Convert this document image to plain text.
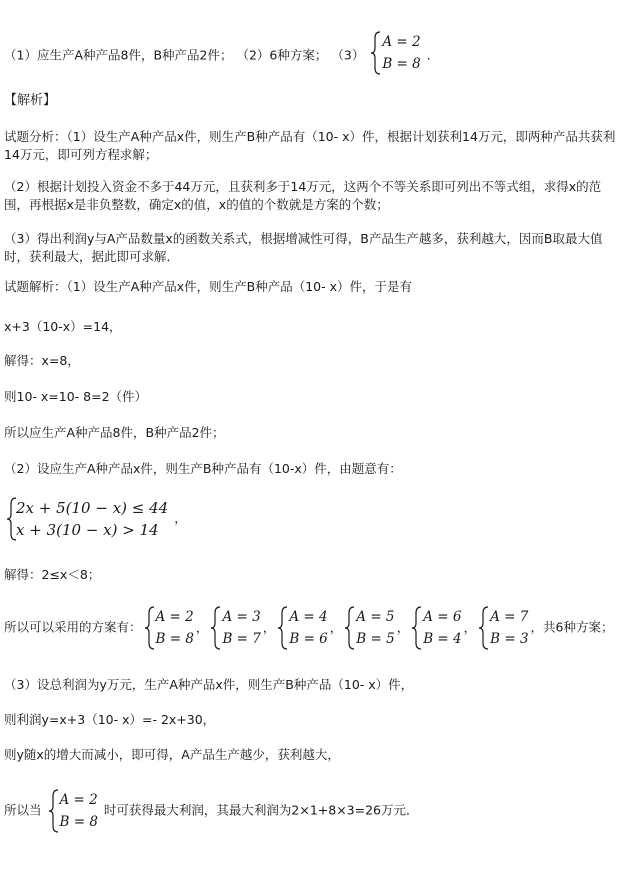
（1）应生产A种产品8件，B种产品2件； （2）6种方案； （3）
A = 2
B = 8
.
【解析】
试题分析：（1）设生产A种产品x件，则生产B种产品有（10- x）件，根据计划获利14万元，即两种产品共获利14万元，即可列方程求解；
（2）根据计划投入资金不多于44万元，且获利多于14万元，这两个不等关系即可列出不等式组，求得x的范围，再根据x是非负整数，确定x的值，x的值的个数就是方案的个数；
（3）得出利润y与A产品数量x的函数关系式，根据增减性可得，B产品生产越多，获利越大，因而B取最大值时，获利最大，据此即可求解．
试题解析：（1）设生产A种产品x件，则生产B种产品（10- x）件，于是有
x+3（10-x）=14，
解得：x=8，
则10- x=10- 8=2（件）
所以应生产A种产品8件，B种产品2件；
（2）设应生产A种产品x件，则生产B种产品有（10-x）件，由题意有：
2x + 5(10 − x) ≤ 44
x + 3(10 − x) > 14
，
解得：2≤x＜8；
所以可以采用的方案有：
A = 2
B = 8
，
A = 3
B = 7
，
A = 4
B = 6
，
A = 5
B = 5
，
A = 6
B = 4
，
A = 7
B = 3
，共6种方案；
（3）设总利润为y万元，生产A种产品x件，则生产B种产品（10- x）件，
则利润y=x+3（10- x）=- 2x+30，
则y随x的增大而减小，即可得，A产品生产越少，获利越大，
所以当
A = 2
B = 8
时可获得最大利润，其最大利润为2×1+8×3=26万元．
